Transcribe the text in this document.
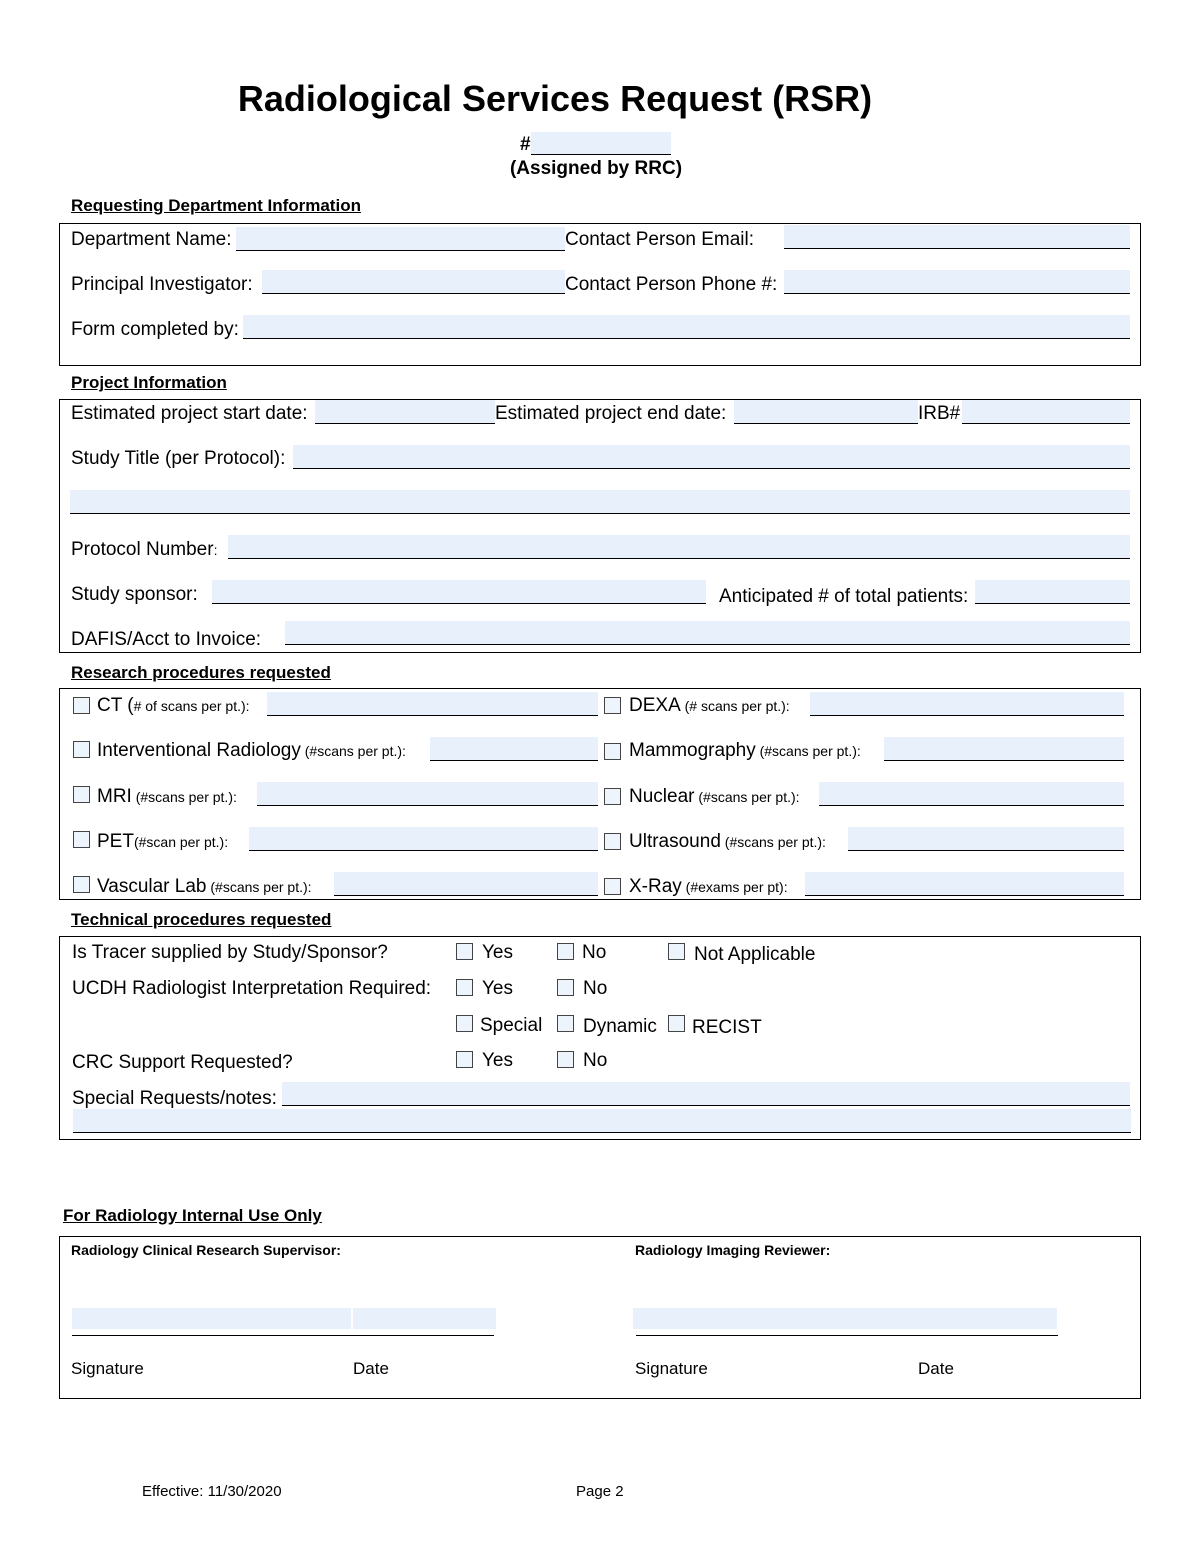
Radiological Services Request (RSR)
#
(Assigned by RRC)
Requesting Department Information
Department Name:	Contact Person Email:
Principal Investigator:	Contact Person Phone #:
Form completed by:
Project Information
Estimated project start date:	Estimated project end date:	IRB#
Study Title (per Protocol):
Protocol Number:
Study sponsor:	Anticipated # of total patients:
DAFIS/Acct to Invoice:
Research procedures requested
CT (# of scans per pt.):	DEXA (# scans per pt.):
Interventional Radiology (#scans per pt.):	Mammography (#scans per pt.):
MRI (#scans per pt.):	Nuclear (#scans per pt.):
PET(#scan per pt.):	Ultrasound (#scans per pt.):
Vascular Lab (#scans per pt.):	X-Ray (#exams per pt):
Technical procedures requested
Is Tracer supplied by Study/Sponsor?	Yes	No	Not Applicable
UCDH Radiologist Interpretation Required:	Yes	No
Special Dynamic RECIST
CRC Support Requested?	Yes	No
Special Requests/notes:
For Radiology Internal Use Only
Radiology Clinical Research Supervisor:	Radiology Imaging Reviewer:
Signature	Date	Signature	Date
Effective: 11/30/2020	Page 2
